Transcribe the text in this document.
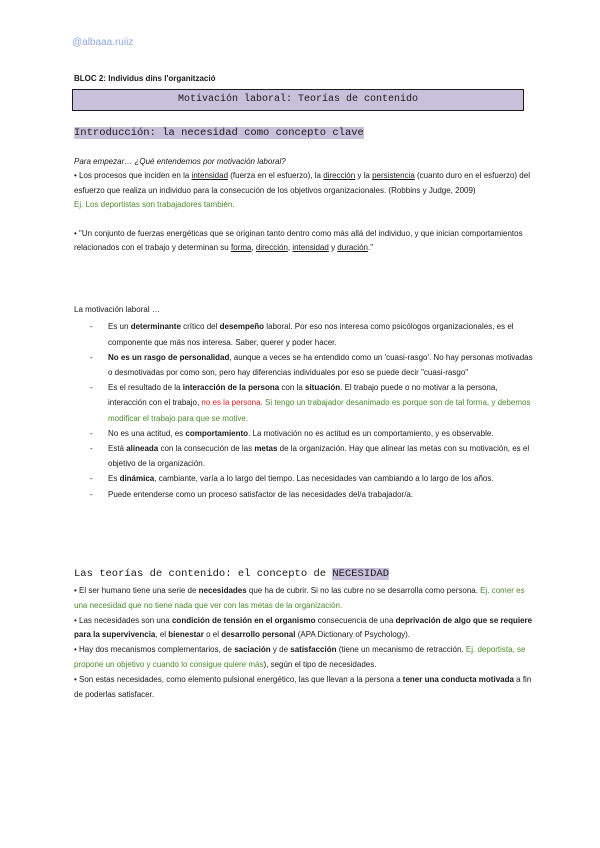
@albaaa.ruiiz
BLOC 2: Individus dins l'organització
Motivación laboral: Teorías de contenido
Introducción: la necesidad como concepto clave
Para empezar… ¿Qué entendemos por motivación laboral?
• Los procesos que inciden en la intensidad (fuerza en el esfuerzo), la dirección y la persistencia (cuanto duro en el esfuerzo) del esfuerzo que realiza un individuo para la consecución de los objetivos organizacionales. (Robbins y Judge, 2009)
Ej. Los deportistas son trabajadores también.
• "Un conjunto de fuerzas energéticas que se originan tanto dentro como más allá del individuo, y que inician comportamientos relacionados con el trabajo y determinan su forma, dirección, intensidad y duración."
La motivación laboral …
- Es un determinante crítico del desempeño laboral. Por eso nos interesa como psicólogos organizacionales, es el componente que más nos interesa. Saber, querer y poder hacer.
- No es un rasgo de personalidad, aunque a veces se ha entendido como un 'cuasi-rasgo'. No hay personas motivadas o desmotivadas por como son, pero hay diferencias individuales por eso se puede decir "cuasi-rasgo"
- Es el resultado de la interacción de la persona con la situación. El trabajo puede o no motivar a la persona, interacción con el trabajo, no es la persona. Si tengo un trabajador desanimado es porque son de tal forma, y debemos modificar el trabajo para que se motive.
- No es una actitud, es comportamiento. La motivación no es actitud es un comportamiento, y es observable.
- Está alineada con la consecución de las metas de la organización. Hay que alinear las metas con su motivación, es el objetivo de la organización.
- Es dinámica, cambiante, varía a lo largo del tiempo. Las necesidades van cambiando a lo largo de los años.
- Puede entenderse como un proceso satisfactor de las necesidades del/a trabajador/a.
Las teorías de contenido: el concepto de NECESIDAD
• El ser humano tiene una serie de necesidades que ha de cubrir. Si no las cubre no se desarrolla como persona. Ej. comer es una necesidad que no tiene nada que ver con las metas de la organización.
• Las necesidades son una condición de tensión en el organismo consecuencia de una deprivación de algo que se requiere para la supervivencia, el bienestar o el desarrollo personal (APA Dictionary of Psychology).
• Hay dos mecanismos complementarios, de saciación y de satisfacción (tiene un mecanismo de retracción. Ej. deportista, se propone un objetivo y cuando lo consigue quiere más), según el tipo de necesidades.
• Son estas necesidades, como elemento pulsional energético, las que llevan a la persona a tener una conducta motivada a fin de poderlas satisfacer.
